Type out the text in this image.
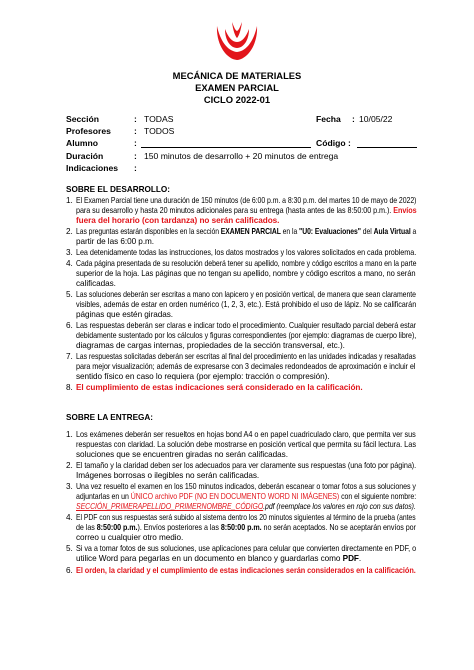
MECÁNICA DE MATERIALES
EXAMEN PARCIAL
CICLO 2022-01
Sección	: TODAS	Fecha : 10/05/22
Profesores	: TODOS
Alumno	:	Código :
Duración	: 150 minutos de desarrollo + 20 minutos de entrega
Indicaciones :
SOBRE EL DESARROLLO:
1. El Examen Parcial tiene una duración de 150 minutos (de 6:00 p.m. a 8:30 p.m. del martes 10 de mayo de 2022)
para su desarrollo y hasta 20 minutos adicionales para su entrega (hasta antes de las 8:50:00 p.m.). Envíos
fuera del horario (con tardanza) no serán calificados.
2. Las preguntas estarán disponibles en la sección EXAMEN PARCIAL en la "U0: Evaluaciones" del Aula Virtual a
partir de las 6:00 p.m.
3. Lea detenidamente todas las instrucciones, los datos mostrados y los valores solicitados en cada problema.
4. Cada página presentada de su resolución deberá tener su apellido, nombre y código escritos a mano en la parte
superior de la hoja. Las páginas que no tengan su apellido, nombre y código escritos a mano, no serán
calificadas.
5. Las soluciones deberán ser escritas a mano con lapicero y en posición vertical, de manera que sean claramente
visibles, además de estar en orden numérico (1, 2, 3, etc.). Está prohibido el uso de lápiz. No se calificarán
páginas que estén giradas.
6. Las respuestas deberán ser claras e indicar todo el procedimiento. Cualquier resultado parcial deberá estar
debidamente sustentado por los cálculos y figuras correspondientes (por ejemplo: diagramas de cuerpo libre),
diagramas de cargas internas, propiedades de la sección transversal, etc.).
7. Las respuestas solicitadas deberán ser escritas al final del procedimiento en las unidades indicadas y resaltadas
para mejor visualización; además de expresarse con 3 decimales redondeados de aproximación e incluir el
sentido físico en caso lo requiera (por ejemplo: tracción o compresión).
8. El cumplimiento de estas indicaciones será considerado en la calificación.
SOBRE LA ENTREGA:
1. Los exámenes deberán ser resueltos en hojas bond A4 o en papel cuadriculado claro, que permita ver sus
respuestas con claridad. La solución debe mostrarse en posición vertical que permita su fácil lectura. Las
soluciones que se encuentren giradas no serán calificadas.
2. El tamaño y la claridad deben ser los adecuados para ver claramente sus respuestas (una foto por página).
Imágenes borrosas o ilegibles no serán calificadas.
3. Una vez resuelto el examen en los 150 minutos indicados, deberán escanear o tomar fotos a sus soluciones y
adjuntarlas en un ÚNICO archivo PDF (NO EN DOCUMENTO WORD NI IMÁGENES) con el siguiente nombre:
SECCIÓN_PRIMERAPELLIDO_PRIMERNOMBRE_CÓDIGO.pdf (reemplace los valores en rojo con sus datos).
4. El PDF con sus respuestas será subido al sistema dentro los 20 minutos siguientes al término de la prueba (antes
de las 8:50:00 p.m.). Envíos posteriores a las 8:50:00 p.m. no serán aceptados. No se aceptarán envíos por
correo u cualquier otro medio.
5. Si va a tomar fotos de sus soluciones, use aplicaciones para celular que convierten directamente en PDF, o
utilice Word para pegarlas en un documento en blanco y guardarlas como PDF.
6. El orden, la claridad y el cumplimiento de estas indicaciones serán considerados en la calificación.
